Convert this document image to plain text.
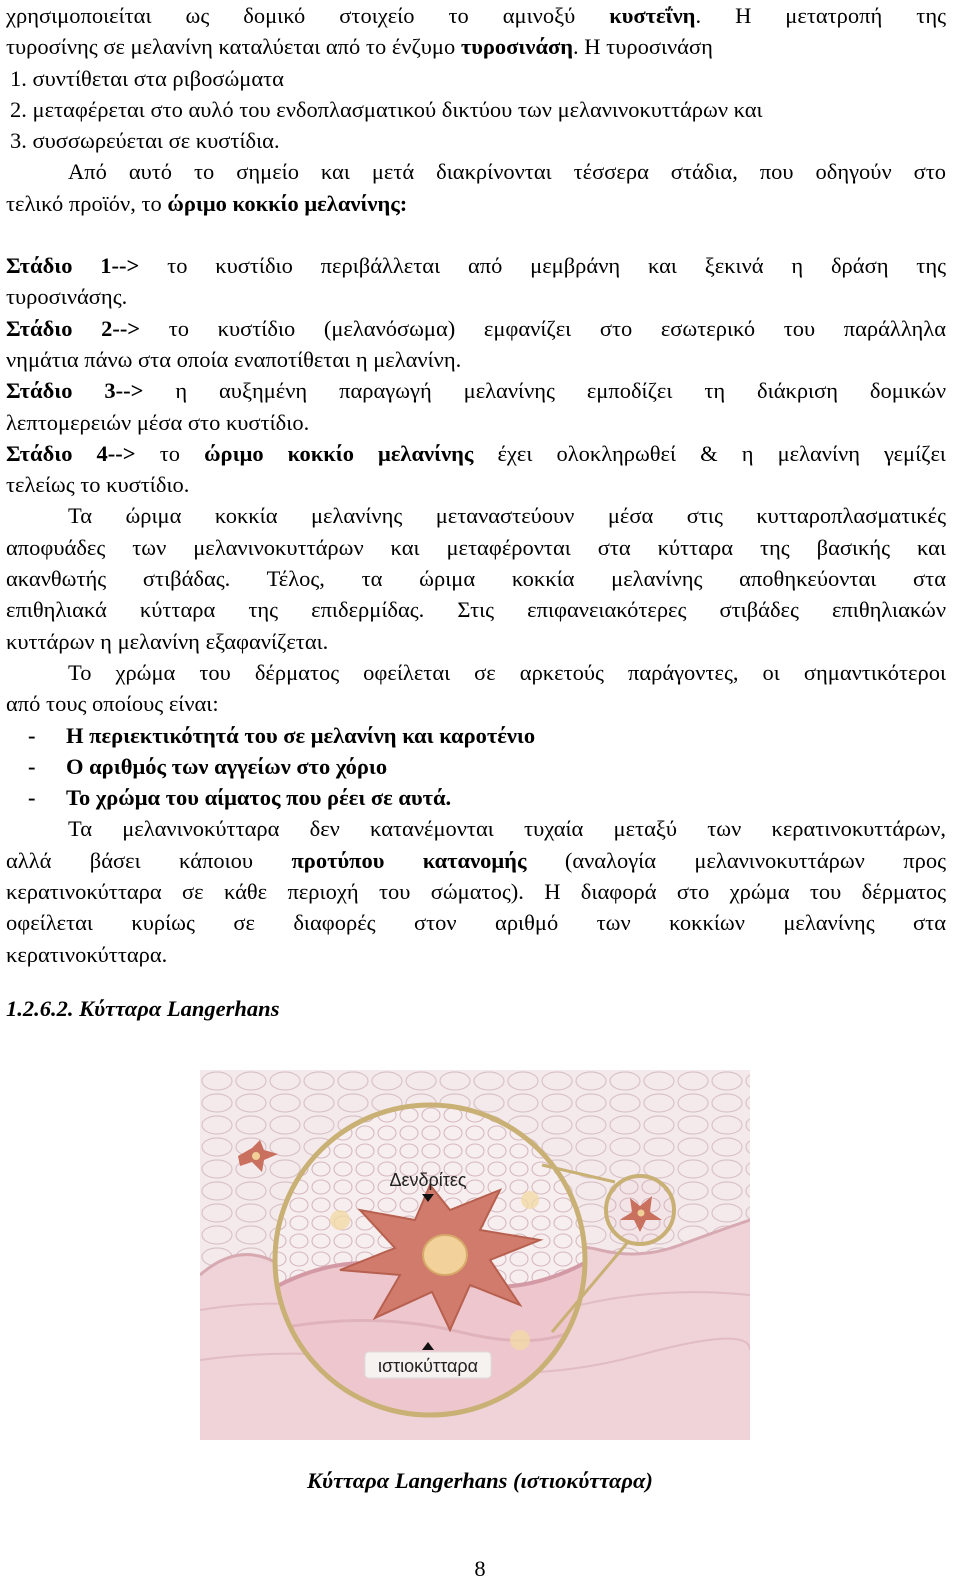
χρησιμοποιείται ως δομικό στοιχείο το αμινοξύ κυστεΐνη. Η μετατροπή της
τυροσίνης σε μελανίνη καταλύεται από το ένζυμο τυροσινάση. Η τυροσινάση
1. συντίθεται στα ριβοσώματα
2. μεταφέρεται στο αυλό του ενδοπλασματικού δικτύου των μελανινοκυττάρων και
3. συσσωρεύεται σε κυστίδια.
Από αυτό το σημείο και μετά διακρίνονται τέσσερα στάδια, που οδηγούν στο
τελικό προϊόν, το ώριμο κοκκίο μελανίνης:
Στάδιο 1--> το κυστίδιο περιβάλλεται από μεμβράνη και ξεκινά η δράση της
τυροσινάσης.
Στάδιο 2--> το κυστίδιο (μελανόσωμα) εμφανίζει στο εσωτερικό του παράλληλα
νημάτια πάνω στα οποία εναποτίθεται η μελανίνη.
Στάδιο 3--> η αυξημένη παραγωγή μελανίνης εμποδίζει τη διάκριση δομικών
λεπτομερειών μέσα στο κυστίδιο.
Στάδιο 4--> το ώριμο κοκκίο μελανίνης έχει ολοκληρωθεί & η μελανίνη γεμίζει
τελείως το κυστίδιο.
Τα ώριμα κοκκία μελανίνης μεταναστεύουν μέσα στις κυτταροπλασματικές
αποφυάδες των μελανινοκυττάρων και μεταφέρονται στα κύτταρα της βασικής και
ακανθωτής στιβάδας. Τέλος, τα ώριμα κοκκία μελανίνης αποθηκεύονται στα
επιθηλιακά κύτταρα της επιδερμίδας. Στις επιφανειακότερες στιβάδες επιθηλιακών
κυττάρων η μελανίνη εξαφανίζεται.
Το χρώμα του δέρματος οφείλεται σε αρκετούς παράγοντες, οι σημαντικότεροι
από τους οποίους είναι:
- Η περιεκτικότητά του σε μελανίνη και καροτένιο
- Ο αριθμός των αγγείων στο χόριο
- Το χρώμα του αίματος που ρέει σε αυτά.
Τα μελανινοκύτταρα δεν κατανέμονται τυχαία μεταξύ των κερατινοκυττάρων,
αλλά βάσει κάποιου προτύπου κατανομής (αναλογία μελανινοκυττάρων προς
κερατινοκύτταρα σε κάθε περιοχή του σώματος). Η διαφορά στο χρώμα του δέρματος
οφείλεται κυρίως σε διαφορές στον αριθμό των κοκκίων μελανίνης στα
κερατινοκύτταρα.
1.2.6.2. Κύτταρα Langerhans
Δενδρίτες
ιστιοκύτταρα
Κύτταρα Langerhans (ιστιοκύτταρα)
8
